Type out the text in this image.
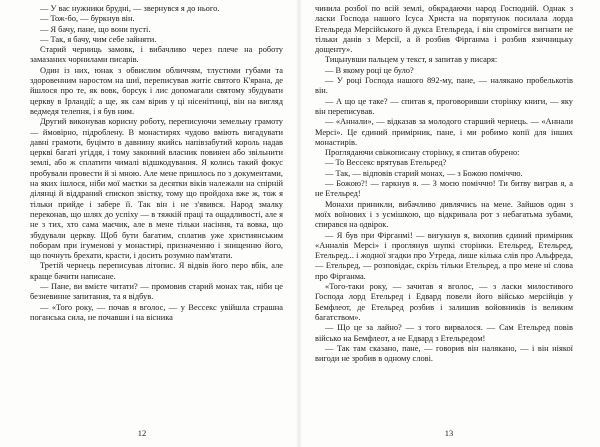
— У вас нужники брудні, — звернувся я до нього.

— Тож-бо, — буркнув він.

— Я бачу, пане, що вони пусті.

— Так, я бачу, чим себе зайняти.

Старий черниць замовк, і вибачливо через плече на роботу замазаних чорнилами писарів.

Один із них, юнак з обвислим обличчям, тлустими губами та здоровенним наростом на шиї, переписував житіє святого К'ярана, де йшлося про те, як вовк, борсук і лис допомагали святому збудувати церкву в Ірландії; а ще, як сам вірив у ці нісенітниці, він на вигляд ведмедя телепня, і я був ним.

Другий виконував корисну роботу, переписуючи земельну грамоту — ймовірно, підроблену. В монастирях чудово вміють вигадувати давні грамоти, буцімто в давнину якийсь напівзабутий король надав церкві багаті угіддя, і тому законний власник повинен або звільнити землі, або ж сплатити чималі відшкодування. Я колись такий фокус пробували провести й зі мною. Але мене пришлось по з документами, на яких ішлося, ніби мої маєтки за десятки віків належали на спірній ділянці й віддраний єпископ звістку, тому що пройдоха вже ж, тож я тільки прийде і забере її. Так він і не з'явився. Народ змалку переконав, що шлях до успіху — в тяжкій праці та ощадливості, але я не з тих, хто сама маєчик, але в мене тільки насіння, та вовка, що збудували церкву. Щоб бути багатим, сплатив уже християнським поборам при ігуменові у монастирі, призначенню і знищенню його, що почнуть брехати, красти, і досить розумно пам'ятати.

Третій чернець переписував літопис. Я відвів його перо вбік, але краще бачити написане.

— Пане, ви вмієте читати? — промовив старий монах так, ніби це безневинне запитання, та я відбув.

— «Того року, — почав я вголос, — у Вессекс увійшла страшна поганська сила, не почавши і на вісника

чинила розбої по всій землі, обкрадаючи народ Господній. Однак з ласки Господа нашого Ісуса Христа на порятунок посилала лорда Етельреда Мерсійського й дукса Етельреда, і він спромігся вигнати не тільки данів з Мерсії, а й розбив Фірганма і розбив язичницьку дощенту».

Тицьнувши пальцем у текст, я запитав у писаря:

— В якому році це було?

— У році Господа нашого 892-му, пане, — налякано пробелькотів він.

— А що це таке? — спитав я, проговоривши сторінку книги, — яку він переписував.

— «Аннали», — відказав за молодого старший чернець. — «Аннали Мерсі». Це єдиний примірник, пане, і ми робимо копії для інших монастирів.

Проглядаючи свіжописану сторінку, я спитав обурено:

— То Вессекс врятував Етельред?

— Так, — відповів старий монах, — з Божою поміччю.

— Божою?! — гаркнув я. — З моєю поміччю! Ти битву виграв я, а не Етельред!

Монахи приникли, вибачливо дивлячись на мене. Зайшов один з моїх воїнових і з усмішкою, що відкривала рот з небагатьма зубами, спирався на одвірок.

— Я був при Фірганмі! — вигукнув я, вихопив єдиний примірник «Анналів Мерсі» і проглянув шупкі сторінки. Етельред, Етельред, Етельред... і жодної згадки про Утреда, лише кілька слів про Альфреда, — Етельред, — розповідає, скрізь тільки Етельред, а про мене ні слова про Фірганма.

«Того-таки року, — зачитав я вголос, — з ласки милостивого Господа лорд Етельред і Едвард повели його військо мерсійців у Бемфлеот, де Етельред розбив і залишив войовників із великим багатством».

— Що це за лайно? — з того вирвалося. — Сам Етельред повів військо на Бемфлеот, а не Едвард з Етельредом!

— Так там сказано, пане, — говорив він налякано, — і він ніякої вигоди не зробив в одному слові.

12	13
